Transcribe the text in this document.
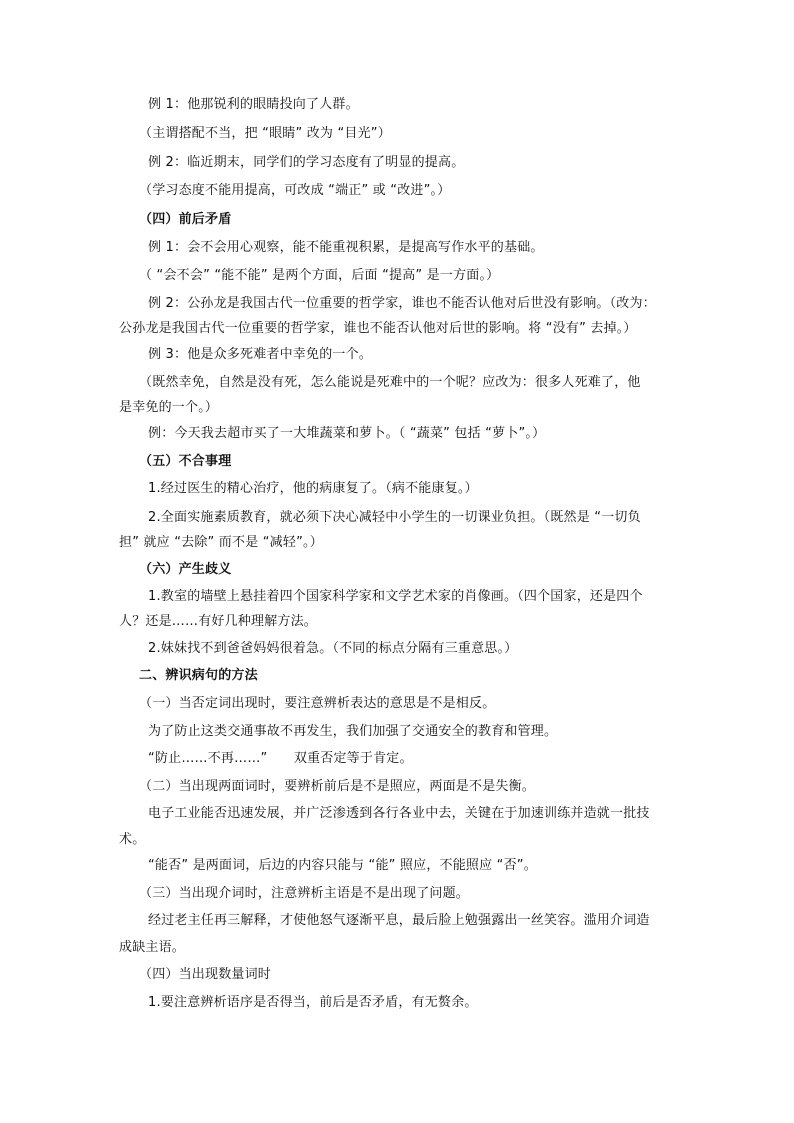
例 1：他那锐利的眼睛投向了人群。
（主谓搭配不当，把 “眼睛” 改为 “目光”）
例 2：临近期末，同学们的学习态度有了明显的提高。
（学习态度不能用提高，可改成 “端正” 或 “改进”。）
（四）前后矛盾
例 1：会不会用心观察，能不能重视积累，是提高写作水平的基础。
（ “会不会” “能不能” 是两个方面，后面 “提高” 是一方面。）
例 2：公孙龙是我国古代一位重要的哲学家，谁也不能否认他对后世没有影响。（改为：
公孙龙是我国古代一位重要的哲学家，谁也不能否认他对后世的影响。将 “没有” 去掉。）
例 3：他是众多死难者中幸免的一个。
（既然幸免，自然是没有死，怎么能说是死难中的一个呢？应改为：很多人死难了，他
是幸免的一个。）
例：今天我去超市买了一大堆蔬菜和萝卜。（ “蔬菜” 包括 “萝卜”。）
（五）不合事理
1.经过医生的精心治疗，他的病康复了。（病不能康复。）
2.全面实施素质教育，就必须下决心减轻中小学生的一切课业负担。（既然是 “一切负
担” 就应 “去除” 而不是 “减轻”。）
（六）产生歧义
1.教室的墙壁上悬挂着四个国家科学家和文学艺术家的肖像画。（四个国家，还是四个
人？还是……有好几种理解方法。
2.妹妹找不到爸爸妈妈很着急。（不同的标点分隔有三重意思。）
二、辨识病句的方法
（一）当否定词出现时，要注意辨析表达的意思是不是相反。
为了防止这类交通事故不再发生，我们加强了交通安全的教育和管理。
“防止……不再……”　　双重否定等于肯定。
（二）当出现两面词时，要辨析前后是不是照应，两面是不是失衡。
电子工业能否迅速发展，并广泛渗透到各行各业中去，关键在于加速训练并造就一批技
术。
“能否” 是两面词，后边的内容只能与 “能” 照应，不能照应 “否”。
（三）当出现介词时，注意辨析主语是不是出现了问题。
经过老主任再三解释，才使他怒气逐渐平息，最后脸上勉强露出一丝笑容。滥用介词造
成缺主语。
（四）当出现数量词时
1.要注意辨析语序是否得当，前后是否矛盾，有无赘余。
